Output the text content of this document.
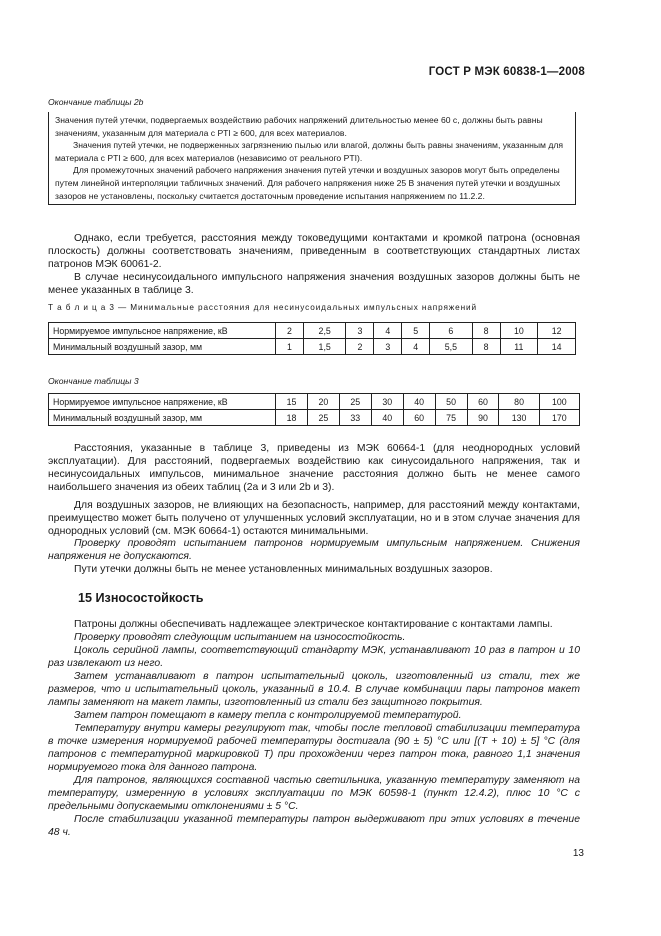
ГОСТ Р МЭК 60838-1—2008
Окончание таблицы 2b
Значения путей утечки, подвергаемых воздействию рабочих напряжений длительностью менее 60 с, должны быть равны значениям, указанным для материала с PTI ≥ 600, для всех материалов.
Значения путей утечки, не подверженных загрязнению пылью или влагой, должны быть равны значениям, указанным для материала с PTI ≥ 600, для всех материалов (независимо от реального PTI).
Для промежуточных значений рабочего напряжения значения путей утечки и воздушных зазоров могут быть определены путем линейной интерполяции табличных значений. Для рабочего напряжения ниже 25 В значения путей утечки и воздушных зазоров не установлены, поскольку считается достаточным проведение испытания напряжением по 11.2.2.
Однако, если требуется, расстояния между токоведущими контактами и кромкой патрона (основная плоскость) должны соответствовать значениям, приведенным в соответствующих стандартных листах патронов МЭК 60061-2.
В случае несинусоидального импульсного напряжения значения воздушных зазоров должны быть не менее указанных в таблице 3.
Т а б л и ц а 3 — Минимальные расстояния для несинусоидальных импульсных напряжений
Нормируемое импульсное напряжение, кВ	2	2,5	3	4	5	6	8	10	12
Минимальный воздушный зазор, мм	1	1,5	2	3	4	5,5	8	11	14
Окончание таблицы 3
Нормируемое импульсное напряжение, кВ	15	20	25	30	40	50	60	80	100
Минимальный воздушный зазор, мм	18	25	33	40	60	75	90	130	170
Расстояния, указанные в таблице 3, приведены из МЭК 60664-1 (для неоднородных условий эксплуатации). Для расстояний, подвергаемых воздействию как синусоидального напряжения, так и несинусоидальных импульсов, минимальное значение расстояния должно быть не менее самого наибольшего значения из обеих таблиц (2а и 3 или 2b и 3).
Для воздушных зазоров, не влияющих на безопасность, например, для расстояний между контактами, преимущество может быть получено от улучшенных условий эксплуатации, но и в этом случае значения для однородных условий (см. МЭК 60664-1) остаются минимальными.
Проверку проводят испытанием патронов нормируемым импульсным напряжением. Снижения напряжения не допускаются.
Пути утечки должны быть не менее установленных минимальных воздушных зазоров.
15 Износостойкость
Патроны должны обеспечивать надлежащее электрическое контактирование с контактами лампы.
Проверку проводят следующим испытанием на износостойкость.
Цоколь серийной лампы, соответствующий стандарту МЭК, устанавливают 10 раз в патрон и 10 раз извлекают из него.
Затем устанавливают в патрон испытательный цоколь, изготовленный из стали, тех же размеров, что и испытательный цоколь, указанный в 10.4. В случае комбинации пары патронов макет лампы заменяют на макет лампы, изготовленный из стали без защитного покрытия.
Затем патрон помещают в камеру тепла с контролируемой температурой.
Температуру внутри камеры регулируют так, чтобы после тепловой стабилизации температура в точке измерения нормируемой рабочей температуры достигала (90 ± 5) °С или [(T + 10) ± 5] °С (для патронов с температурной маркировкой T) при прохождении через патрон тока, равного 1,1 значения нормируемого тока для данного патрона.
Для патронов, являющихся составной частью светильника, указанную температуру заменяют на температуру, измеренную в условиях эксплуатации по МЭК 60598-1 (пункт 12.4.2), плюс 10 °С с предельными допускаемыми отклонениями ± 5 °С.
После стабилизации указанной температуры патрон выдерживают при этих условиях в течение 48 ч.
13
